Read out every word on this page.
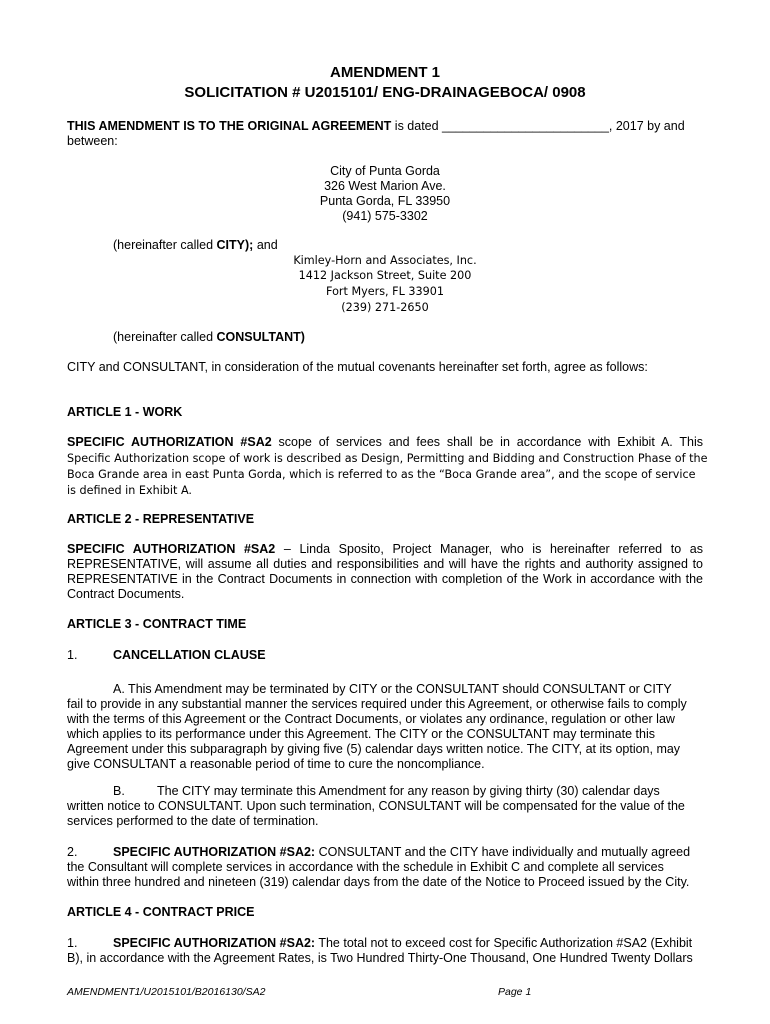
AMENDMENT 1
SOLICITATION # U2015101/ ENG-DRAINAGEBOCA/ 0908
THIS AMENDMENT IS TO THE ORIGINAL AGREEMENT is dated ________________________, 2017 by and
between:
City of Punta Gorda
326 West Marion Ave.
Punta Gorda, FL 33950
(941) 575-3302
(hereinafter called CITY); and
Kimley-Horn and Associates, Inc.
1412 Jackson Street, Suite 200
Fort Myers, FL 33901
(239) 271-2650
(hereinafter called CONSULTANT)
CITY and CONSULTANT, in consideration of the mutual covenants hereinafter set forth, agree as follows:
ARTICLE 1 - WORK
SPECIFIC AUTHORIZATION #SA2 scope of services and fees shall be in accordance with Exhibit A. This
Specific Authorization scope of work is described as Design, Permitting and Bidding and Construction Phase of the
Boca Grande area in east Punta Gorda, which is referred to as the “Boca Grande area”, and the scope of service
is defined in Exhibit A.
ARTICLE 2 - REPRESENTATIVE
SPECIFIC AUTHORIZATION #SA2 – Linda Sposito, Project Manager, who is hereinafter referred to as
REPRESENTATIVE, will assume all duties and responsibilities and will have the rights and authority assigned to
REPRESENTATIVE in the Contract Documents in connection with completion of the Work in accordance with the
Contract Documents.
ARTICLE 3 - CONTRACT TIME
1.	CANCELLATION CLAUSE
A. This Amendment may be terminated by CITY or the CONSULTANT should CONSULTANT or CITY
fail to provide in any substantial manner the services required under this Agreement, or otherwise fails to comply
with the terms of this Agreement or the Contract Documents, or violates any ordinance, regulation or other law
which applies to its performance under this Agreement. The CITY or the CONSULTANT may terminate this
Agreement under this subparagraph by giving five (5) calendar days written notice. The CITY, at its option, may
give CONSULTANT a reasonable period of time to cure the noncompliance.
B.	The CITY may terminate this Amendment for any reason by giving thirty (30) calendar days
written notice to CONSULTANT. Upon such termination, CONSULTANT will be compensated for the value of the
services performed to the date of termination.
2.	SPECIFIC AUTHORIZATION #SA2: CONSULTANT and the CITY have individually and mutually agreed
the Consultant will complete services in accordance with the schedule in Exhibit C and complete all services
within three hundred and nineteen (319) calendar days from the date of the Notice to Proceed issued by the City.
ARTICLE 4 - CONTRACT PRICE
1.	SPECIFIC AUTHORIZATION #SA2: The total not to exceed cost for Specific Authorization #SA2 (Exhibit
B), in accordance with the Agreement Rates, is Two Hundred Thirty-One Thousand, One Hundred Twenty Dollars
AMENDMENT1/U2015101/B2016130/SA2	Page 1
